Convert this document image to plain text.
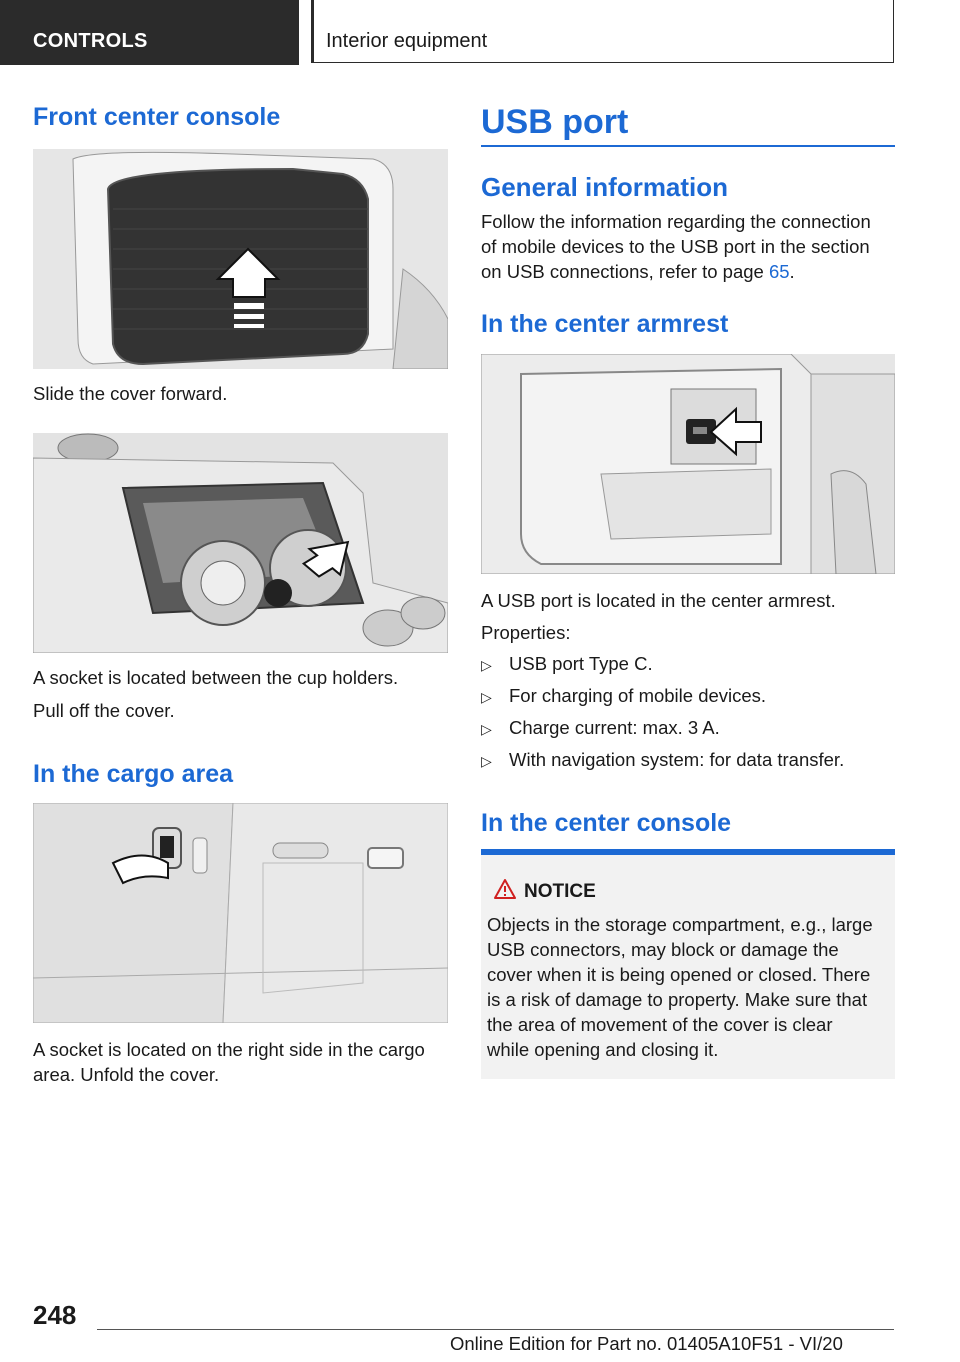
CONTROLS	Interior equipment
Front center console
Slide the cover forward.
A socket is located between the cup holders.
Pull off the cover.
In the cargo area
A socket is located on the right side in the cargo
area. Unfold the cover.
USB port
General information
Follow the information regarding the connection
of mobile devices to the USB port in the section
on USB connections, refer to page 65.
In the center armrest
A USB port is located in the center armrest.
Properties:
▷ USB port Type C.
▷ For charging of mobile devices.
▷ Charge current: max. 3 A.
▷ With navigation system: for data transfer.
In the center console
NOTICE
Objects in the storage compartment, e.g., large
USB connectors, may block or damage the
cover when it is being opened or closed. There
is a risk of damage to property. Make sure that
the area of movement of the cover is clear
while opening and closing it.
248
Online Edition for Part no. 01405A10F51 - VI/20
